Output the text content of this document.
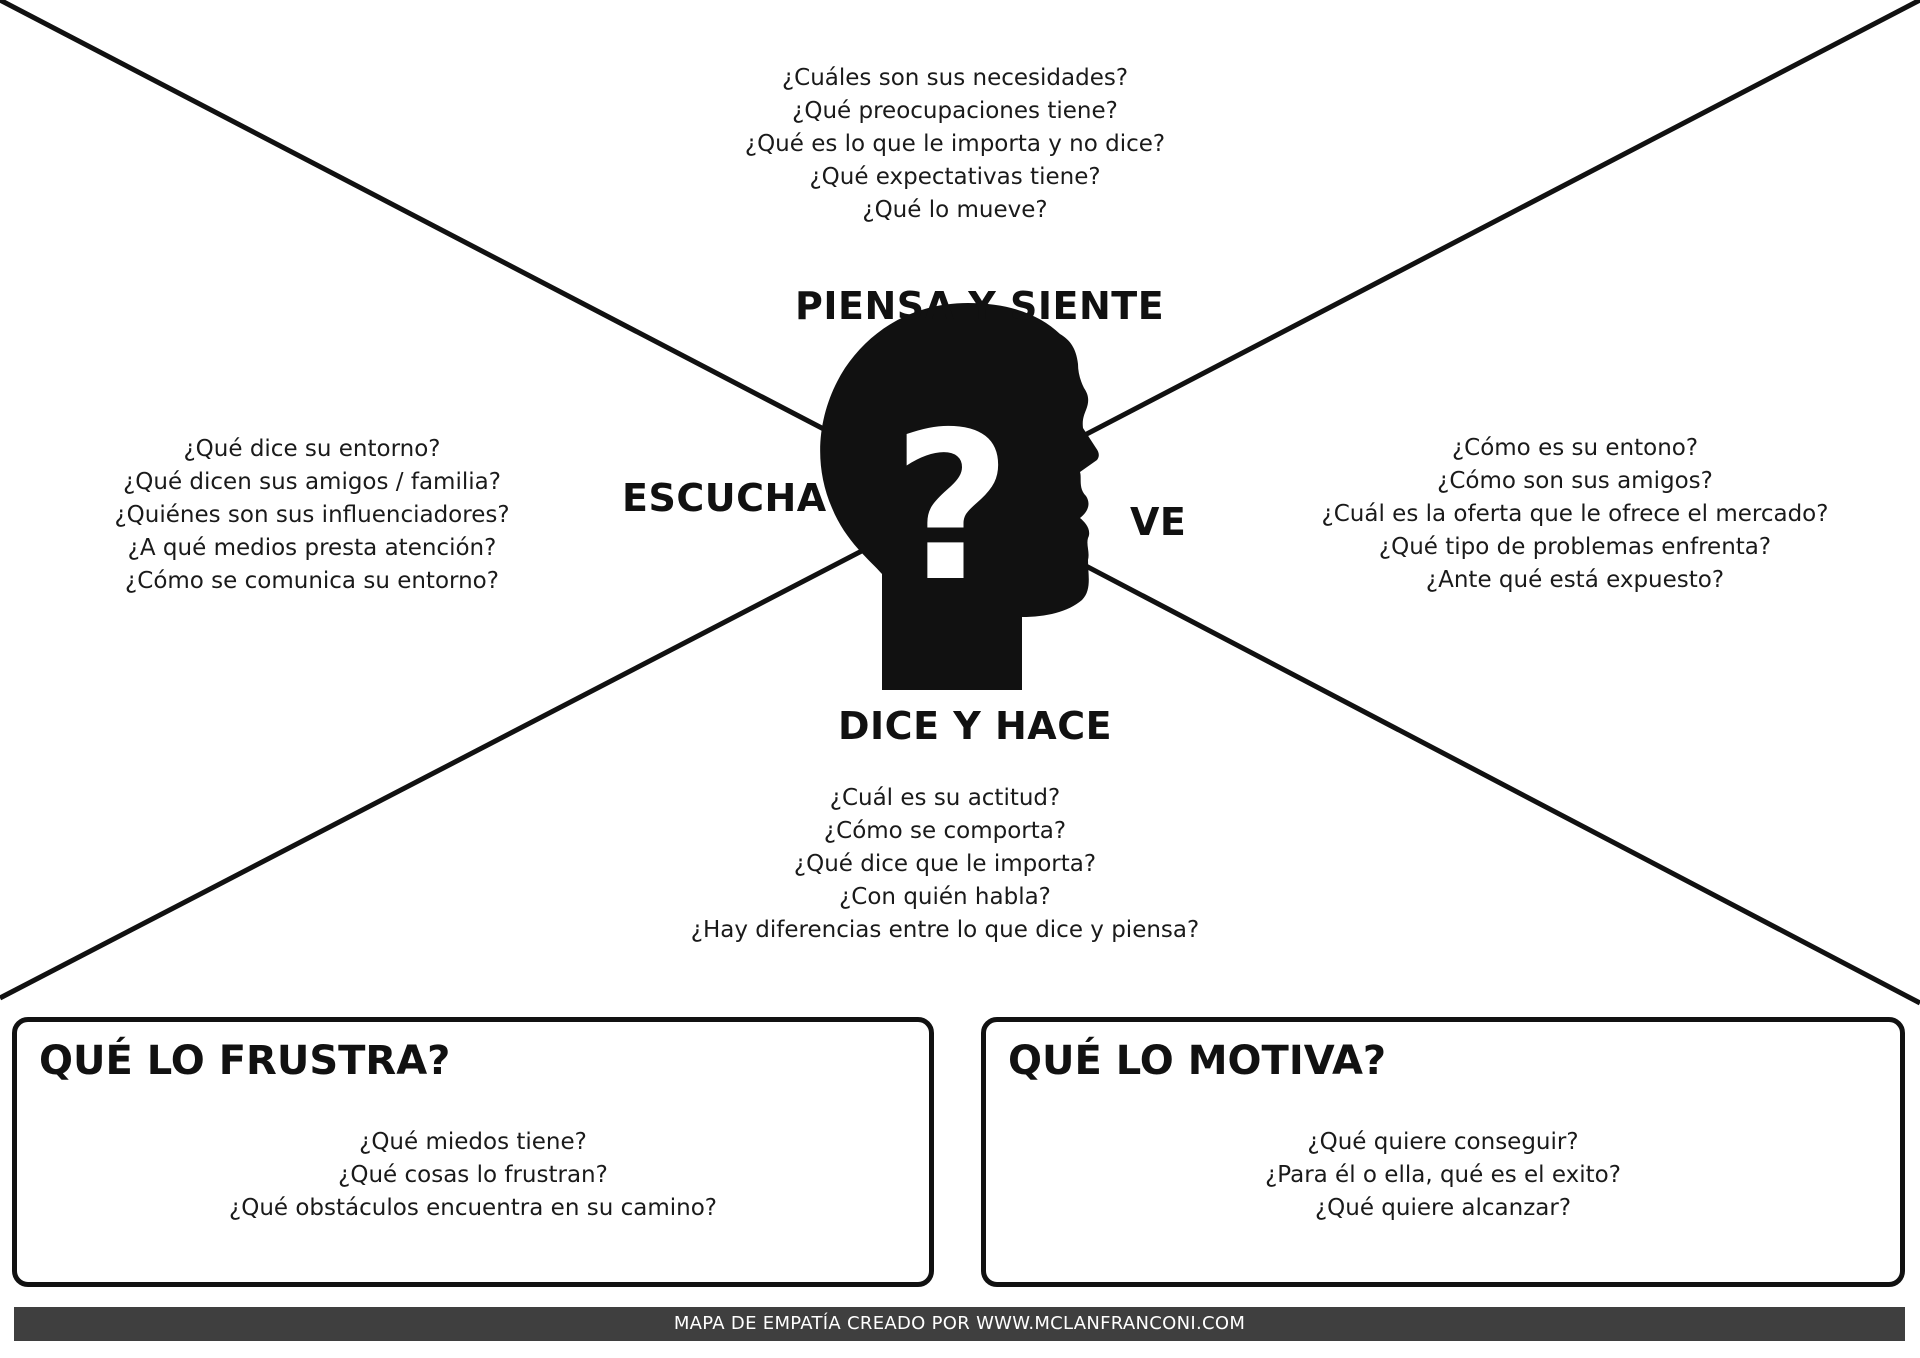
?
¿Cuáles son sus necesidades?
¿Qué preocupaciones tiene?
¿Qué es lo que le importa y no dice?
¿Qué expectativas tiene?
¿Qué lo mueve?
PIENSA Y SIENTE
¿Qué dice su entorno?
¿Qué dicen sus amigos / familia?
¿Quiénes son sus influenciadores?
¿A qué medios presta atención?
¿Cómo se comunica su entorno?
ESCUCHA
VE
¿Cómo es su entono?
¿Cómo son sus amigos?
¿Cuál es la oferta que le ofrece el mercado?
¿Qué tipo de problemas enfrenta?
¿Ante qué está expuesto?
DICE Y HACE
¿Cuál es su actitud?
¿Cómo se comporta?
¿Qué dice que le importa?
¿Con quién habla?
¿Hay diferencias entre lo que dice y piensa?
QUÉ LO FRUSTRA?
¿Qué miedos tiene?
¿Qué cosas lo frustran?
¿Qué obstáculos encuentra en su camino?
QUÉ LO MOTIVA?
¿Qué quiere conseguir?
¿Para él o ella, qué es el exito?
¿Qué quiere alcanzar?
MAPA DE EMPATÍA CREADO POR WWW.MCLANFRANCONI.COM
